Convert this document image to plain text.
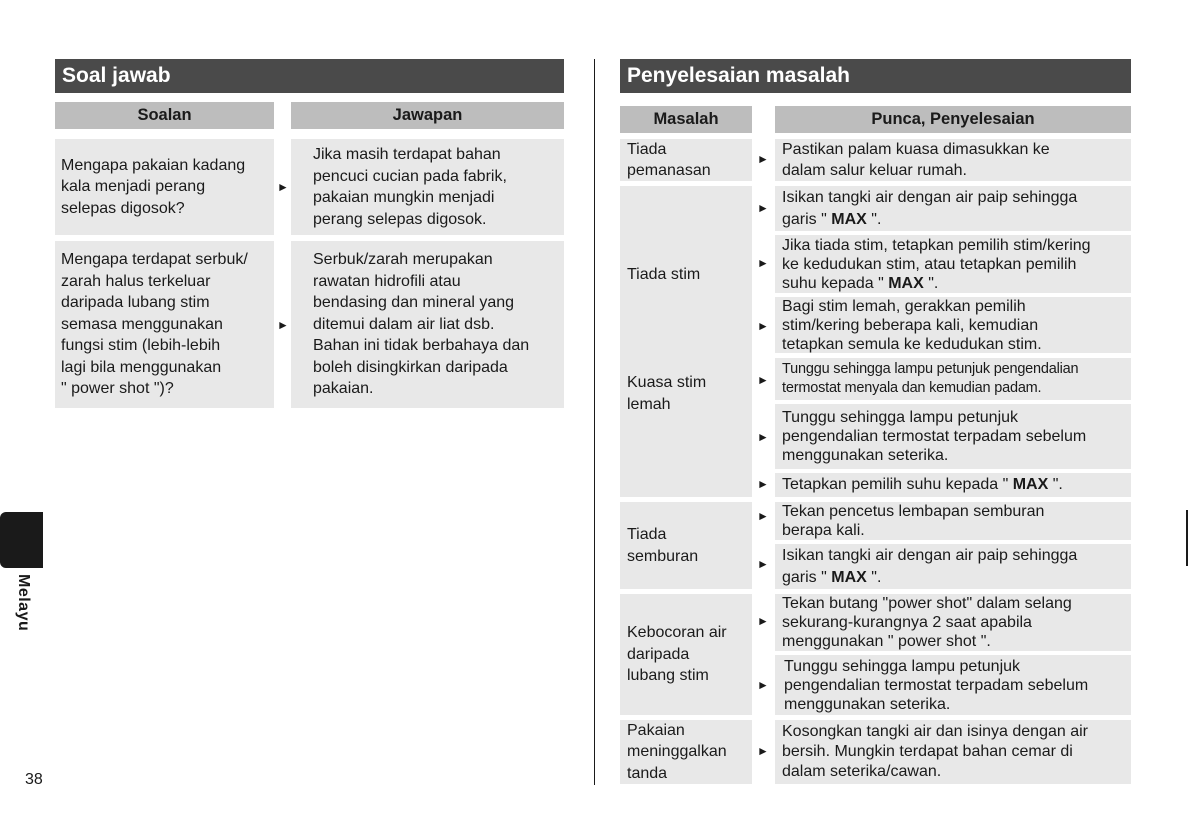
Soal jawab
Soalan	Jawapan
Mengapa pakaian kadang
kala menjadi perang
selepas digosok?
►
Jika masih terdapat bahan
pencuci cucian pada fabrik,
pakaian mungkin menjadi
perang selepas digosok.
Mengapa terdapat serbuk/
zarah halus terkeluar
daripada lubang stim
semasa menggunakan
fungsi stim (lebih-lebih
lagi bila menggunakan
" power shot ")?
►
Serbuk/zarah merupakan
rawatan hidrofili atau
bendasing dan mineral yang
ditemui dalam air liat dsb.
Bahan ini tidak berbahaya dan
boleh disingkirkan daripada
pakaian.
Penyelesaian masalah
Masalah	Punca, Penyelesaian
Tiada
pemanasan
Tiada stim
Kuasa stim
lemah
Tiada
semburan
Kebocoran air
daripada
lubang stim
Pakaian
meninggalkan
tanda
►
►
►
►
►
►
►
►
►
►
►
►
Pastikan palam kuasa dimasukkan ke
dalam salur keluar rumah.
Isikan tangki air dengan air paip sehingga
garis " MAX ".
Jika tiada stim, tetapkan pemilih stim/kering
ke kedudukan stim, atau tetapkan pemilih
suhu kepada " MAX ".
Bagi stim lemah, gerakkan pemilih
stim/kering beberapa kali, kemudian
tetapkan semula ke kedudukan stim.
Tunggu sehingga lampu petunjuk pengendalian
termostat menyala dan kemudian padam.
Tunggu sehingga lampu petunjuk
pengendalian termostat terpadam sebelum
menggunakan seterika.
Tetapkan pemilih suhu kepada " MAX ".
Tekan pencetus lembapan semburan
berapa kali.
Isikan tangki air dengan air paip sehingga
garis " MAX ".
Tekan butang "power shot" dalam selang
sekurang-kurangnya 2 saat apabila
menggunakan " power shot ".
Tunggu sehingga lampu petunjuk
pengendalian termostat terpadam sebelum
menggunakan seterika.
Kosongkan tangki air dan isinya dengan air
bersih. Mungkin terdapat bahan cemar di
dalam seterika/cawan.
Melayu
38
